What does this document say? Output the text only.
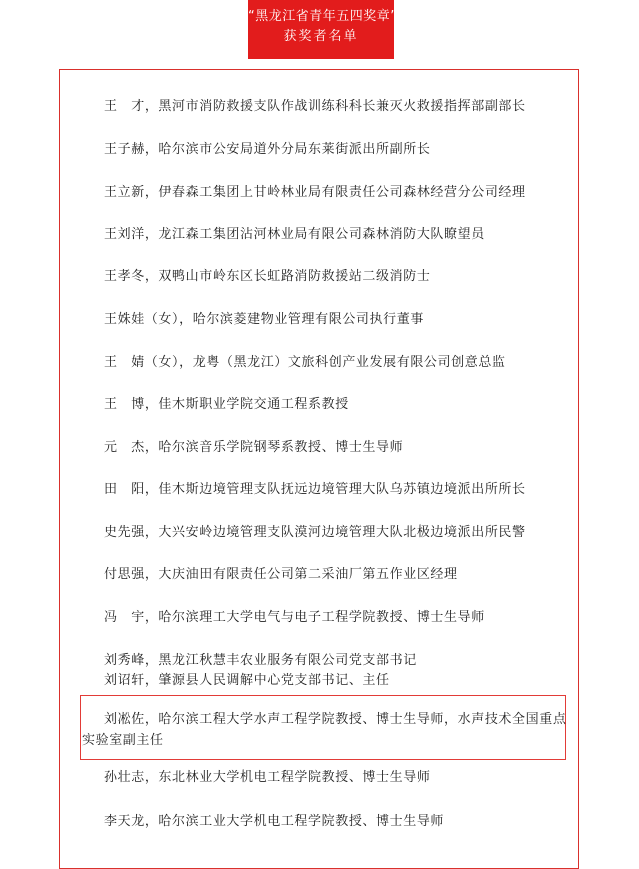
“黑龙江省青年五四奖章”
获奖者名单
王　才，黑河市消防救援支队作战训练科科长兼灭火救援指挥部副部长
王子赫，哈尔滨市公安局道外分局东莱街派出所副所长
王立新，伊春森工集团上甘岭林业局有限责任公司森林经营分公司经理
王刘洋，龙江森工集团沾河林业局有限公司森林消防大队瞭望员
王孝冬，双鸭山市岭东区长虹路消防救援站二级消防士
王姝娃（女），哈尔滨菱建物业管理有限公司执行董事
王　婧（女），龙粤（黑龙江）文旅科创产业发展有限公司创意总监
王　博，佳木斯职业学院交通工程系教授
元　杰，哈尔滨音乐学院钢琴系教授、博士生导师
田　阳，佳木斯边境管理支队抚远边境管理大队乌苏镇边境派出所所长
史先强，大兴安岭边境管理支队漠河边境管理大队北极边境派出所民警
付思强，大庆油田有限责任公司第二采油厂第五作业区经理
冯　宇，哈尔滨理工大学电气与电子工程学院教授、博士生导师
刘秀峰，黑龙江秋慧丰农业服务有限公司党支部书记
刘诏轩，肇源县人民调解中心党支部书记、主任
刘凇佐，哈尔滨工程大学水声工程学院教授、博士生导师，水声技术全国重点
实验室副主任
孙壮志，东北林业大学机电工程学院教授、博士生导师
李天龙，哈尔滨工业大学机电工程学院教授、博士生导师
